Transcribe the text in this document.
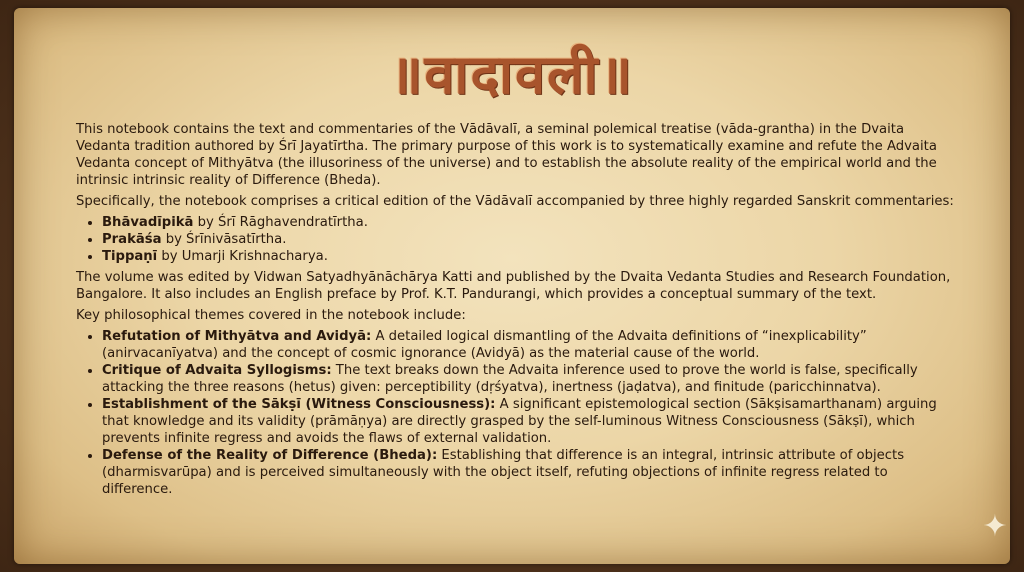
॥वादावली॥

This notebook contains the text and commentaries of the Vādāvalī, a seminal polemical treatise (vāda-grantha) in the Dvaita Vedanta tradition authored by Śrī Jayatīrtha. The primary purpose of this work is to systematically examine and refute the Advaita Vedanta concept of Mithyātva (the illusoriness of the universe) and to establish the absolute reality of the empirical world and the intrinsic intrinsic reality of Difference (Bheda).

Specifically, the notebook comprises a critical edition of the Vādāvalī accompanied by three highly regarded Sanskrit commentaries:

• Bhāvadīpikā by Śrī Rāghavendratīrtha.
• Prakāśa by Śrīnivāsatīrtha.
• Tippaṇī by Umarji Krishnacharya.

The volume was edited by Vidwan Satyadhyānāchārya Katti and published by the Dvaita Vedanta Studies and Research Foundation, Bangalore. It also includes an English preface by Prof. K.T. Pandurangi, which provides a conceptual summary of the text.

Key philosophical themes covered in the notebook include:

• Refutation of Mithyātva and Avidyā: A detailed logical dismantling of the Advaita definitions of “inexplicability” (anirvacanīyatva) and the concept of cosmic ignorance (Avidyā) as the material cause of the world.
• Critique of Advaita Syllogisms: The text breaks down the Advaita inference used to prove the world is false, specifically attacking the three reasons (hetus) given: perceptibility (dṛśyatva), inertness (jaḍatva), and finitude (paricchinnatva).
• Establishment of the Sākṣī (Witness Consciousness): A significant epistemological section (Sākṣisamarthanam) arguing that knowledge and its validity (prāmāṇya) are directly grasped by the self-luminous Witness Consciousness (Sākṣī), which prevents infinite regress and avoids the flaws of external validation.
• Defense of the Reality of Difference (Bheda): Establishing that difference is an integral, intrinsic attribute of objects (dharmisvarūpa) and is perceived simultaneously with the object itself, refuting objections of infinite regress related to difference.
✦
